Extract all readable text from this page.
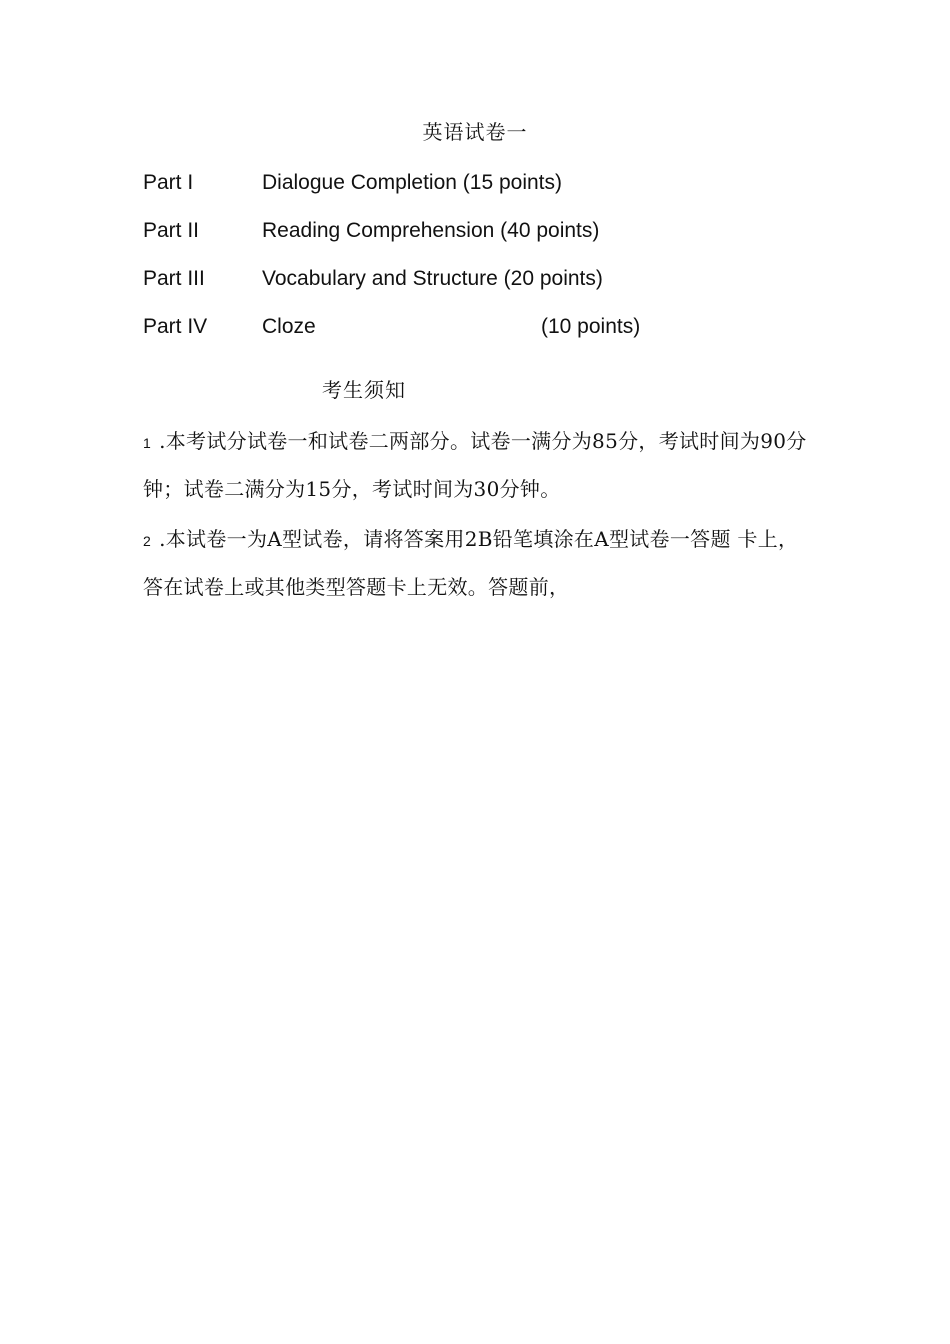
英语试卷一
Part I	Dialogue Completion (15 points)
Part II	Reading Comprehension (40 points)
Part III	Vocabulary and Structure (20 points)
Part IV	Cloze	(10 points)
考生须知
1 .本考试分试卷一和试卷二两部分。试卷一满分为85分，考试时间为90分钟；试卷二满分为15分，考试时间为30分钟。
2 .本试卷一为A型试卷，请将答案用2B铅笔填涂在A型试卷一答题 卡上，答在试卷上或其他类型答题卡上无效。答题前，
